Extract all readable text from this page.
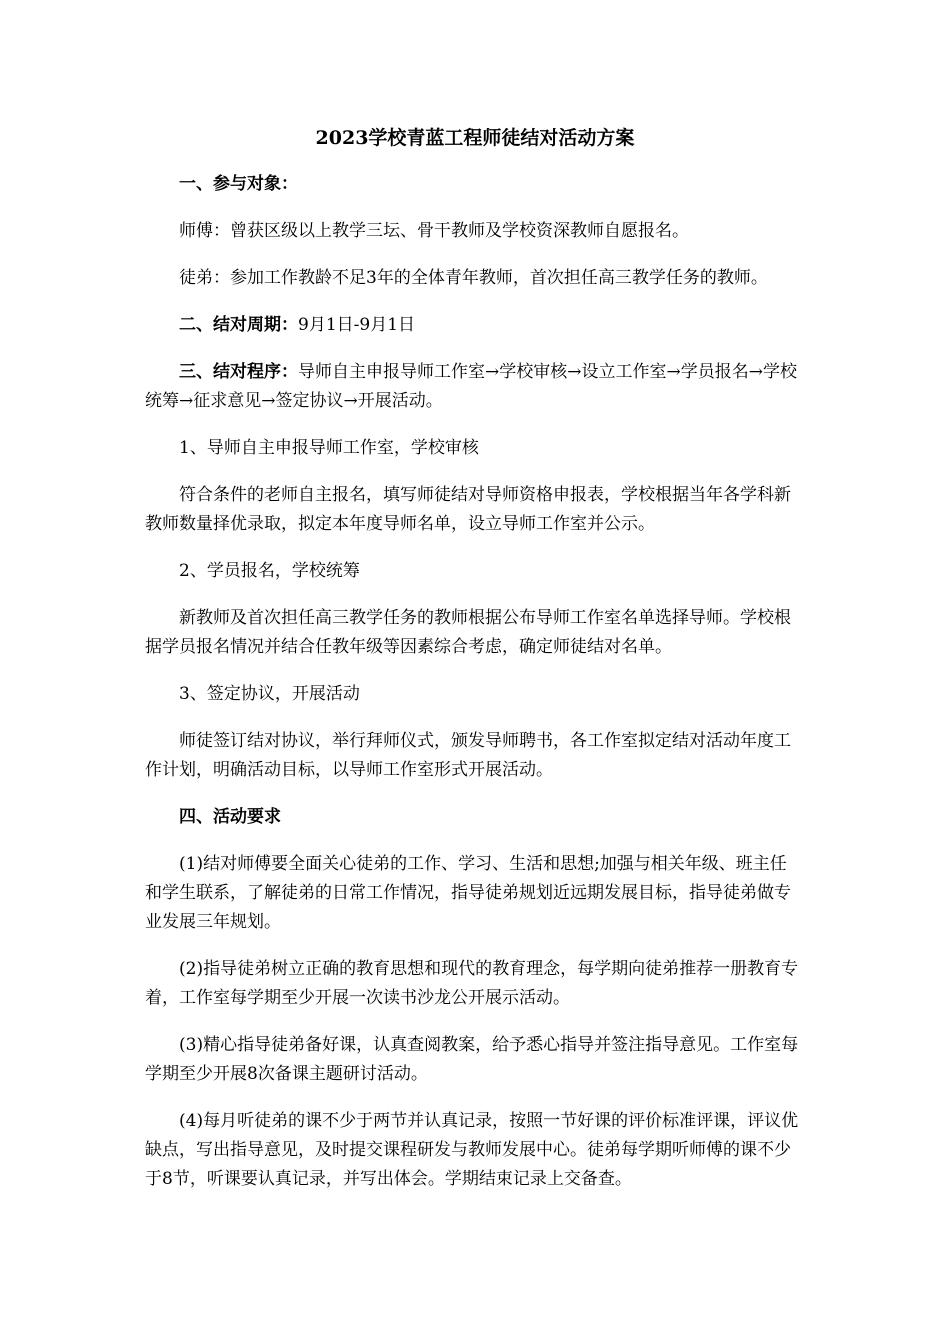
2023学校青蓝工程师徒结对活动方案

一、参与对象：

师傅：曾获区级以上教学三坛、骨干教师及学校资深教师自愿报名。

徒弟：参加工作教龄不足3年的全体青年教师，首次担任高三教学任务的教师。

二、结对周期：9月1日-9月1日

三、结对程序：导师自主申报导师工作室→学校审核→设立工作室→学员报名→学校统筹→征求意见→签定协议→开展活动。

1、导师自主申报导师工作室，学校审核

符合条件的老师自主报名，填写师徒结对导师资格申报表，学校根据当年各学科新教师数量择优录取，拟定本年度导师名单，设立导师工作室并公示。

2、学员报名，学校统筹

新教师及首次担任高三教学任务的教师根据公布导师工作室名单选择导师。学校根据学员报名情况并结合任教年级等因素综合考虑，确定师徒结对名单。

3、签定协议，开展活动

师徒签订结对协议，举行拜师仪式，颁发导师聘书，各工作室拟定结对活动年度工作计划，明确活动目标，以导师工作室形式开展活动。

四、活动要求

(1)结对师傅要全面关心徒弟的工作、学习、生活和思想;加强与相关年级、班主任和学生联系，了解徒弟的日常工作情况，指导徒弟规划近远期发展目标，指导徒弟做专业发展三年规划。

(2)指导徒弟树立正确的教育思想和现代的教育理念，每学期向徒弟推荐一册教育专着，工作室每学期至少开展一次读书沙龙公开展示活动。

(3)精心指导徒弟备好课，认真查阅教案，给予悉心指导并签注指导意见。工作室每学期至少开展8次备课主题研讨活动。

(4)每月听徒弟的课不少于两节并认真记录，按照一节好课的评价标准评课，评议优缺点，写出指导意见，及时提交课程研发与教师发展中心。徒弟每学期听师傅的课不少于8节，听课要认真记录，并写出体会。学期结束记录上交备查。
